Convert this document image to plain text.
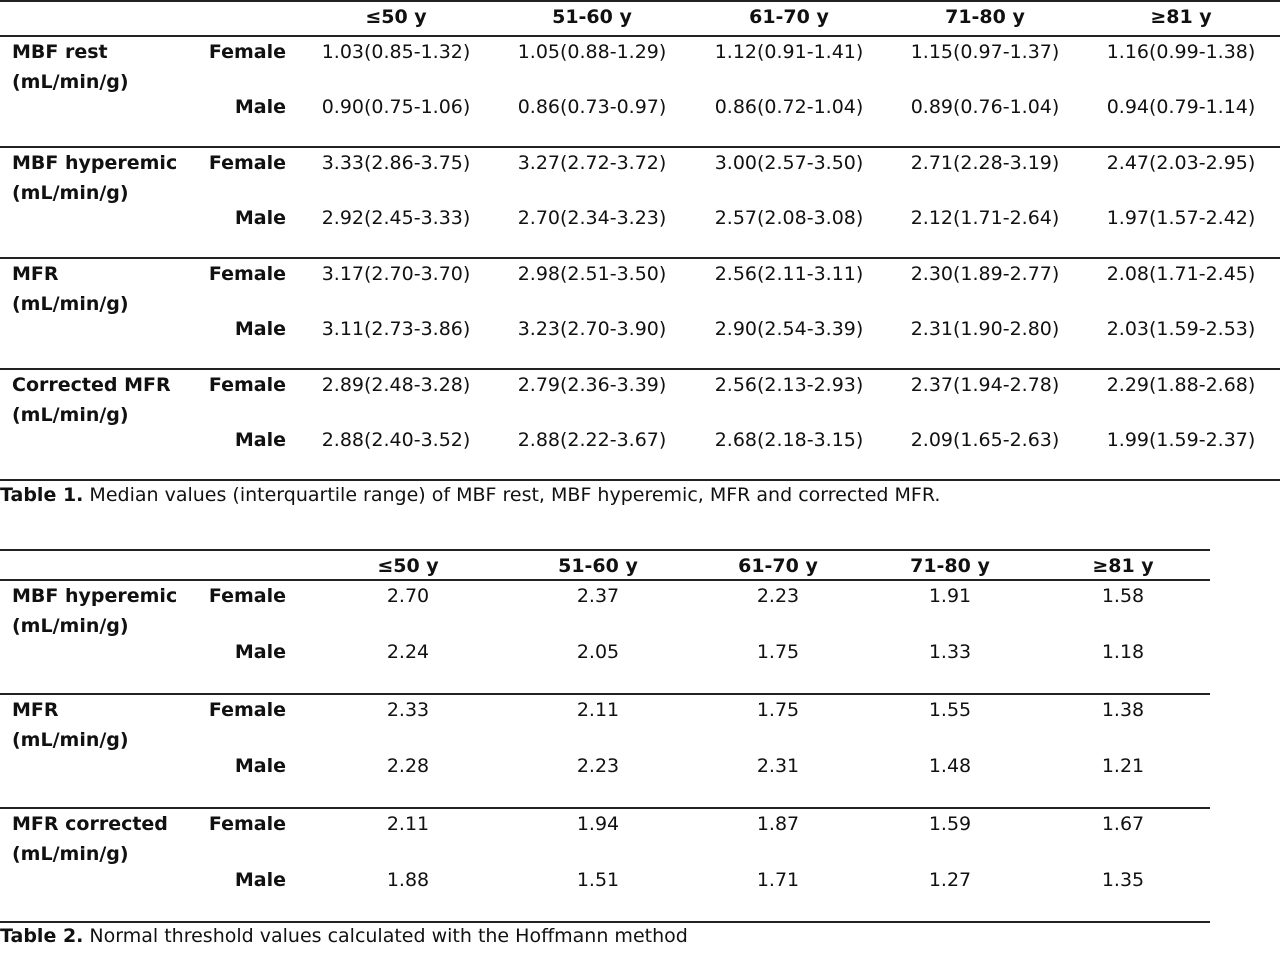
≤50 y	51-60 y	61-70 y	71-80 y	≥81 y
MBF rest
(mL/min/g)
Female	1.03(0.85-1.32)	1.05(0.88-1.29)	1.12(0.91-1.41)	1.15(0.97-1.37)	1.16(0.99-1.38)
Male	0.90(0.75-1.06)	0.86(0.73-0.97)	0.86(0.72-1.04)	0.89(0.76-1.04)	0.94(0.79-1.14)
MBF hyperemic
(mL/min/g)
Female	3.33(2.86-3.75)	3.27(2.72-3.72)	3.00(2.57-3.50)	2.71(2.28-3.19)	2.47(2.03-2.95)
Male	2.92(2.45-3.33)	2.70(2.34-3.23)	2.57(2.08-3.08)	2.12(1.71-2.64)	1.97(1.57-2.42)
MFR
(mL/min/g)
Female	3.17(2.70-3.70)	2.98(2.51-3.50)	2.56(2.11-3.11)	2.30(1.89-2.77)	2.08(1.71-2.45)
Male	3.11(2.73-3.86)	3.23(2.70-3.90)	2.90(2.54-3.39)	2.31(1.90-2.80)	2.03(1.59-2.53)
Corrected MFR
(mL/min/g)
Female	2.89(2.48-3.28)	2.79(2.36-3.39)	2.56(2.13-2.93)	2.37(1.94-2.78)	2.29(1.88-2.68)
Male	2.88(2.40-3.52)	2.88(2.22-3.67)	2.68(2.18-3.15)	2.09(1.65-2.63)	1.99(1.59-2.37)
Table 1. Median values (interquartile range) of MBF rest, MBF hyperemic, MFR and corrected MFR.
≤50 y	51-60 y	61-70 y	71-80 y	≥81 y
MBF hyperemic
(mL/min/g)
Female	2.70	2.37	2.23	1.91	1.58
Male	2.24	2.05	1.75	1.33	1.18
MFR
(mL/min/g)
Female	2.33	2.11	1.75	1.55	1.38
Male	2.28	2.23	2.31	1.48	1.21
MFR corrected
(mL/min/g)
Female	2.11	1.94	1.87	1.59	1.67
Male	1.88	1.51	1.71	1.27	1.35
Table 2. Normal threshold values calculated with the Hoffmann method
